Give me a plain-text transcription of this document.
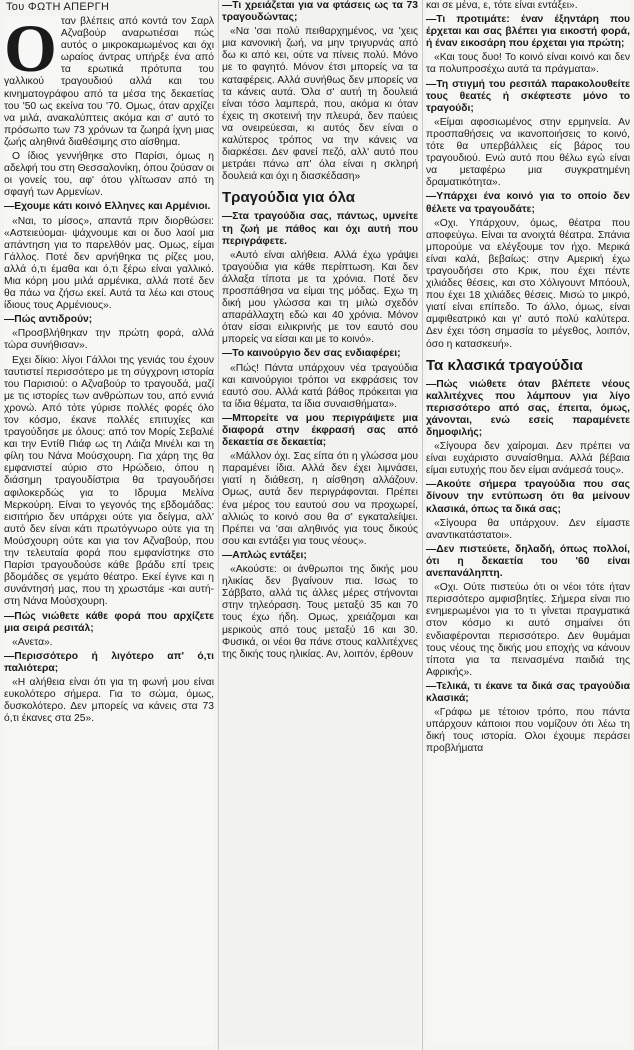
Του ΦΩΤΗ ΑΠΕΡΓΗ
Ο ταν βλέπεις από κοντά τον Σαρλ Αζναβούρ αναρωτιέσαι πώς αυτός ο μικροκαμωμένος και όχι ωραίος άντρας υπήρξε ένα από τα ερωτικά πρότυπα του γαλλικού τραγουδιού αλλά και του κινηματογράφου από τα μέσα της δεκαετίας του '50 ως εκείνα του '70. Ομως, όταν αρχίζει να μιλά, ανακαλύπτεις ακόμα και σ' αυτό το πρόσωπο των 73 χρόνων τα ζωηρά ίχνη μιας ζωής αληθινά διαθέσιμης στο αίσθημα.

Ο ίδιος γεννήθηκε στο Παρίσι, όμως η αδελφή του στη Θεσσαλονίκη, όπου ζούσαν οι οι γονείς του, αφ' ότου γλίτωσαν από τη σφαγή των Αρμενίων.

—Εχουμε κάτι κοινό Ελληνες και Αρμένιοι.

«Ναι, το μίσος», απαντά πριν διορθώσει: «Αστειεύομαι· ψάχνουμε και οι δυο λαοί μια απάντηση για το παρελθόν μας. Ομως, είμαι Γάλλος. Ποτέ δεν αρνήθηκα τις ρίζες μου, αλλά ό,τι έμαθα και ό,τι ξέρω είναι γαλλικό. Μια κόρη μου μιλά αρμένικα, αλλά ποτέ δεν θα πάω να ζήσω εκεί. Αυτά τα λέω και στους ίδιους τους Αρμένιους».

—Πώς αντιδρούν;

«Προσβλήθηκαν την πρώτη φορά, αλλά τώρα συνήθισαν».

Εχει δίκιο: λίγοι Γάλλοι της γενιάς του έχουν ταυτιστεί περισσότερο με τη σύγχρονη ιστορία του Παρισιού: ο Αζναβούρ το τραγουδά, μαζί με τις ιστορίες των ανθρώπων του, από εννιά χρονώ. Από τότε γύρισε πολλές φορές όλο τον κόσμο, έκανε πολλές επιτυχίες και τραγούδησε με όλους: από τον Μορίς Σεβαλιέ και την Εντίθ Πιάφ ως τη Λάιζα Μινέλι και τη φίλη του Νάνα Μούσχουρη. Για χάρη της θα εμφανιστεί αύριο στο Ηρώδειο, όπου η διάσημη τραγουδίστρια θα τραγουδήσει αφιλοκερδώς για το Ιδρυμα Μελίνα Μερκούρη. Είναι το γεγονός της εβδομάδας: εισιτήριο δεν υπάρχει ούτε για δείγμα, αλλ' αυτό δεν είναι κάτι πρωτόγνωρο ούτε για τη Μούσχουρη ούτε και για τον Αζναβούρ, που την τελευταία φορά που εμφανίστηκε στο Παρίσι τραγουδούσε κάθε βράδυ επί τρεις βδομάδες σε γεμάτο θέατρο. Εκεί έγινε και η συνάντησή μας, που τη χρωστάμε -και αυτή- στη Νάνα Μούσχουρη.

—Πώς νιώθετε κάθε φορά που αρχίζετε μια σειρά ρεσιτάλ;

«Ανετα».

—Περισσότερο ή λιγότερο απ' ό,τι παλιότερα;

«Η αλήθεια είναι ότι για τη φωνή μου είναι ευκολότερο σήμερα. Για το σώμα, όμως, δυσκολότερο. Δεν μπορείς να κάνεις στα 73 ό,τι έκανες στα 25».

—Τι χρειάζεται για να φτάσεις ως τα 73 τραγουδώντας;

«Να 'σαι πολύ πειθαρχημένος, να 'χεις μια κανονική ζωή, να μην τριγυρνάς από δω κι από κει, ούτε να πίνεις πολύ. Μόνο με το φαγητό. Μόνον έτσι μπορείς να τα καταφέρεις. Αλλά συνήθως δεν μπορείς να τα κάνεις αυτά. Όλα σ' αυτή τη δουλειά είναι τόσο λαμπερά, που, ακόμα κι όταν έχεις τη σκοτεινή την πλευρά, δεν παύεις να ονειρεύεσαι, κι αυτός δεν είναι ο καλύτερος τρόπος να την κάνεις να διαρκέσει. Δεν φανεί πεζό, αλλ' αυτό που μετράει πάνω απ' όλα είναι η σκληρή δουλειά και όχι η διασκέδαση»

Τραγούδια για όλα

—Στα τραγούδια σας, πάντως, υμνείτε τη ζωή με πάθος και όχι αυτή που περιγράφετε.

«Αυτό είναι αλήθεια. Αλλά έχω γράψει τραγούδια για κάθε περίπτωση. Και δεν άλλαξα τίποτα με τα χρόνια. Ποτέ δεν προσπάθησα να είμαι της μόδας. Εχω τη δική μου γλώσσα και τη μιλώ σχεδόν απαράλλαχτη εδώ και 40 χρόνια. Μόνον όταν είσαι ειλικρινής με τον εαυτό σου μπορείς να είσαι και με το κοινό».

—Το καινούργιο δεν σας ενδιαφέρει;

«Πώς! Πάντα υπάρχουν νέα τραγούδια και καινούργιοι τρόποι να εκφράσεις τον εαυτό σου. Αλλά κατά βάθος πρόκειται για τα ίδια θέματα, τα ίδια συναισθήματα».

—Μπορείτε να μου περιγράψετε μια διαφορά στην έκφρασή σας από δεκαετία σε δεκαετία;

«Μάλλον όχι. Σας είπα ότι η γλώσσα μου παραμένει ίδια. Αλλά δεν έχει λιμνάσει, γιατί η διάθεση, η αίσθηση αλλάζουν. Ομως, αυτά δεν περιγράφονται. Πρέπει ένα μέρος του εαυτού σου να προχωρεί, αλλιώς το κοινό σου θα σ' εγκαταλείψει. Πρέπει να 'σαι αληθινός για τους δικούς σου και εντάξει για τους νέους».

—Απλώς εντάξει;

«Ακούστε: οι άνθρωποι της δικής μου ηλικίας δεν βγαίνουν πια. Ισως το Σάββατο, αλλά τις άλλες μέρες στήνονται στην τηλεόραση. Τους μεταξύ 35 και 70 τους έχω ήδη. Ομως, χρειάζομαι και μερικούς από τους μεταξύ 16 και 30. Φυσικά, οι νέοι θα πάνε στους καλλιτέχνες της δικής τους ηλικίας. Αν, λοιπόν, έρθουν

και σε μένα, ε, τότε είναι εντάξει».

—Τι προτιμάτε: έναν έξηντάρη που έρχεται και σας βλέπει για εικοστή φορά, ή έναν εικοσάρη που έρχεται για πρώτη;

«Και τους δυο! Το κοινό είναι κοινό και δεν τα πολυπροσέχω αυτά τα πράγματα».

—Τη στιγμή του ρεσιτάλ παρακολουθείτε τους θεατές ή σκέφτεστε μόνο το τραγούδι;

«Είμαι αφοσιωμένος στην ερμηνεία. Αν προσπαθήσεις να ικανοποιήσεις το κοινό, τότε θα υπερβάλλεις είς βάρος του τραγουδιού. Ενώ αυτό που θέλω εγώ είναι να μεταφέρω μια συγκρατημένη δραματικότητα».

—Υπάρχει ένα κοινό για το οποίο δεν θέλετε να τραγουδάτε;

«Οχι. Υπάρχουν, όμως, θέατρα που αποφεύγω. Είναι τα ανοιχτά θέατρα. Σπάνια μπορούμε να ελέγξουμε τον ήχο. Μερικά είναι καλά, βεβαίως: στην Αμερική έχω τραγουδήσει στο Κρικ, που έχει πέντε χιλιάδες θέσεις, και στο Χόλιγουντ Μπόουλ, που έχει 18 χιλιάδες θέσεις. Μισώ το μικρό, γιατί είναι επίπεδο. Το άλλο, όμως, είναι αμφιθεατρικό και γι' αυτό πολύ καλύτερα. Δεν έχει τόση σημασία το μέγεθος, λοιπόν, όσο η κατασκευή».

Τα κλασικά τραγούδια

—Πώς νιώθετε όταν βλέπετε νέους καλλιτέχνες που λάμπουν για λίγο περισσότερο από σας, έπειτα, όμως, χάνονται, ενώ εσείς παραμένετε δημοφιλής;

«Σίγουρα δεν χαίρομαι. Δεν πρέπει να είναι ευχάριστο συναίσθημα. Αλλά βέβαια είμαι ευτυχής που δεν είμαι ανάμεσά τους».

—Ακούτε σήμερα τραγούδια που σας δίνουν την εντύπωση ότι θα μείνουν κλασικά, όπως τα δικά σας;

«Σίγουρα θα υπάρχουν. Δεν είμαστε αναντικατάστατοι».

—Δεν πιστεύετε, δηλαδή, όπως πολλοί, ότι η δεκαετία του '60 είναι ανεπανάληπτη.

«Οχι. Ούτε πιστεύω ότι οι νέοι τότε ήταν περισσότερο αμφισβητίες. Σήμερα είναι πιο ενημερωμένοι για το τι γίνεται πραγματικά στον κόσμο κι αυτό σημαίνει ότι ενδιαφέρονται περισσότερο. Δεν θυμάμαι τους νέους της δικής μου εποχής να κάνουν τίποτα για τα πεινασμένα παιδιά της Αφρικής».

—Τελικά, τι έκανε τα δικά σας τραγούδια κλασικά;

«Γράφω με τέτοιον τρόπο, που πάντα υπάρχουν κάποιοι που νομίζουν ότι λέω τη δική τους ιστορία. Ολοι έχουμε περάσει προβλήματα
